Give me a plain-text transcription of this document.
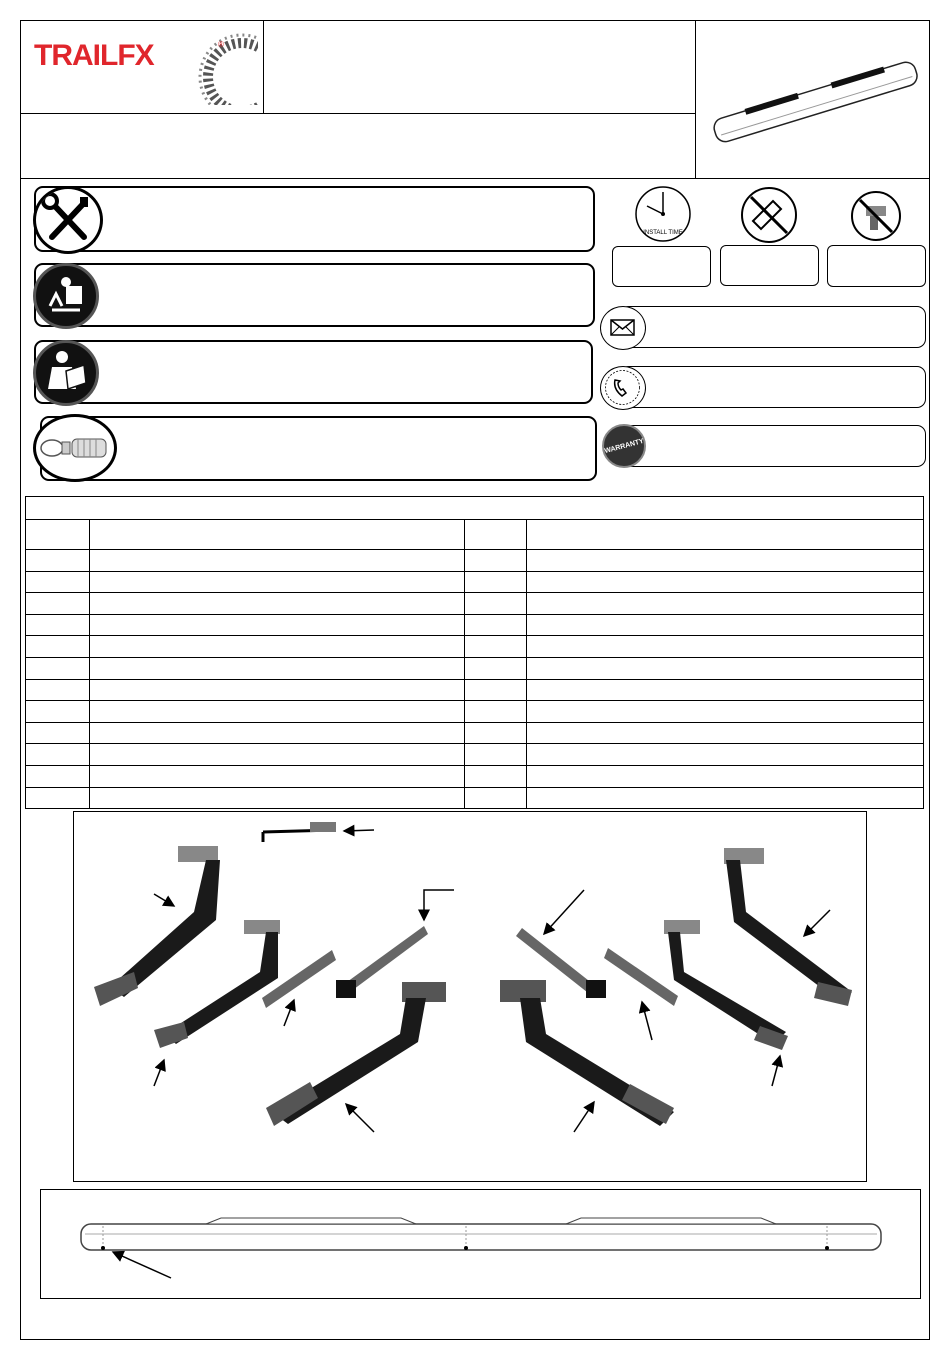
TRAILFX	®
INSTALL TIME
WARRANTY
